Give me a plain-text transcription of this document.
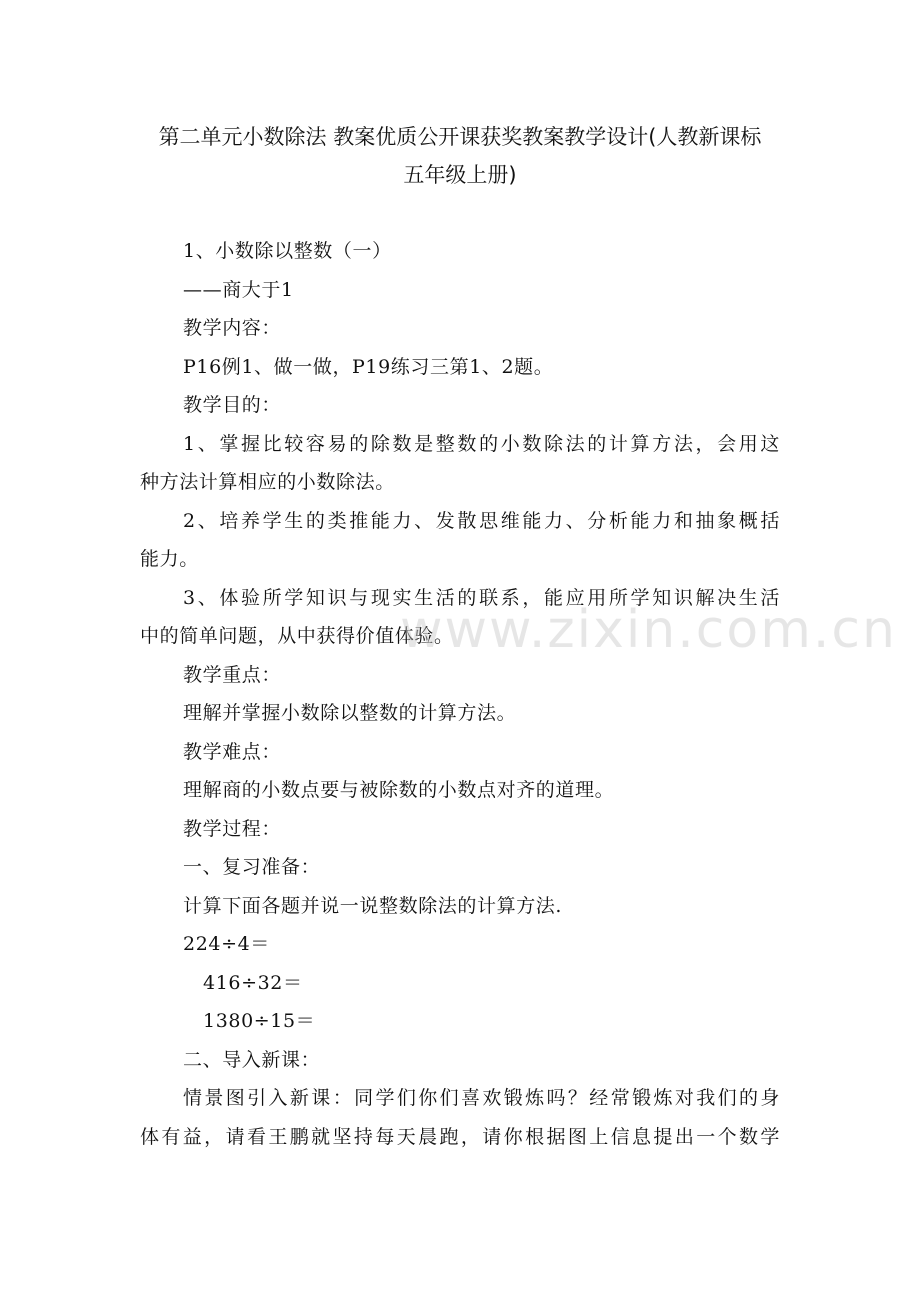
第二单元小数除法 教案优质公开课获奖教案教学设计(人教新课标
五年级上册)
1、小数除以整数（一）
——商大于1
教学内容：
P16例1、做一做，P19练习三第1、2题。
教学目的：
1、掌握比较容易的除数是整数的小数除法的计算方法，会用这
种方法计算相应的小数除法。
2、培养学生的类推能力、发散思维能力、分析能力和抽象概括
能力。
3、体验所学知识与现实生活的联系，能应用所学知识解决生活
中的简单问题，从中获得价值体验。
教学重点：
理解并掌握小数除以整数的计算方法。
教学难点：
理解商的小数点要与被除数的小数点对齐的道理。
教学过程：
一、复习准备：
计算下面各题并说一说整数除法的计算方法.
224÷4＝
416÷32＝
1380÷15＝
二、导入新课：
情景图引入新课：同学们你们喜欢锻炼吗？经常锻炼对我们的身
体有益，请看王鹏就坚持每天晨跑，请你根据图上信息提出一个数学
www.zixin.com.cn
